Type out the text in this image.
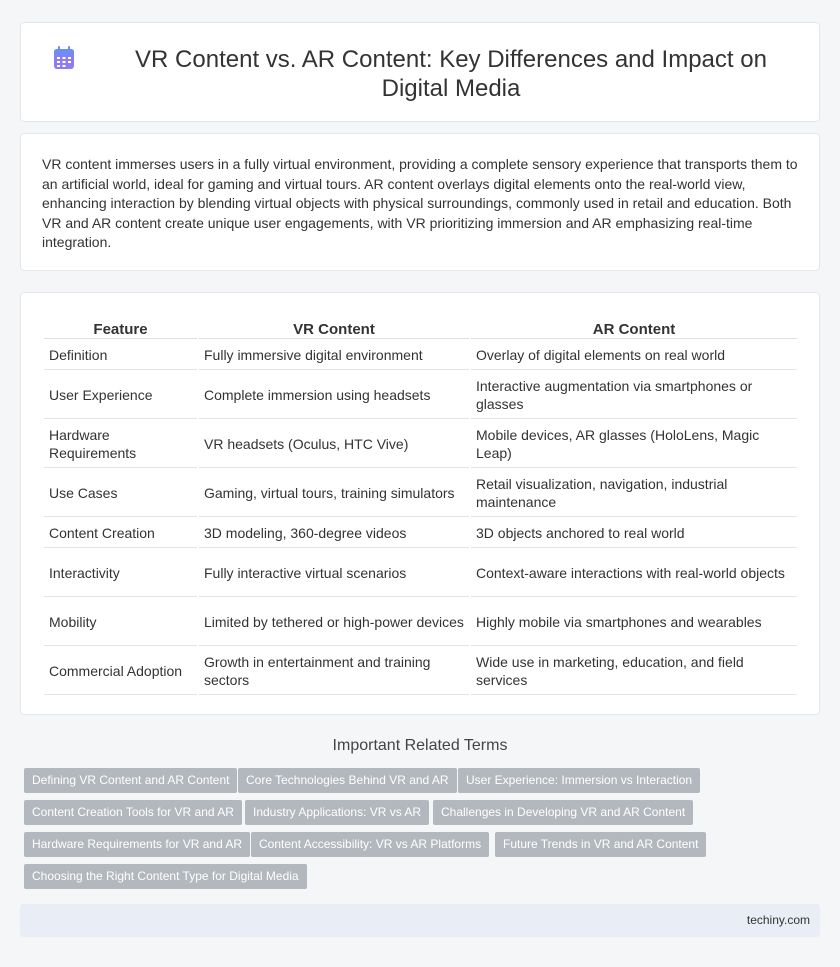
VR Content vs. AR Content: Key Differences and Impact on Digital Media

VR content immerses users in a fully virtual environment, providing a complete sensory experience that transports them to an artificial world, ideal for gaming and virtual tours. AR content overlays digital elements onto the real-world view, enhancing interaction by blending virtual objects with physical surroundings, commonly used in retail and education. Both VR and AR content create unique user engagements, with VR prioritizing immersion and AR emphasizing real-time integration.

Feature	VR Content	AR Content
Definition	Fully immersive digital environment	Overlay of digital elements on real world
User Experience	Complete immersion using headsets	Interactive augmentation via smartphones or glasses
Hardware Requirements	VR headsets (Oculus, HTC Vive)	Mobile devices, AR glasses (HoloLens, Magic Leap)
Use Cases	Gaming, virtual tours, training simulators	Retail visualization, navigation, industrial maintenance
Content Creation	3D modeling, 360-degree videos	3D objects anchored to real world
Interactivity	Fully interactive virtual scenarios	Context-aware interactions with real-world objects
Mobility	Limited by tethered or high-power devices	Highly mobile via smartphones and wearables
Commercial Adoption	Growth in entertainment and training sectors	Wide use in marketing, education, and field services
Important Related Terms
Defining VR Content and AR Content	Core Technologies Behind VR and AR	User Experience: Immersion vs Interaction
Content Creation Tools for VR and AR	Industry Applications: VR vs AR	Challenges in Developing VR and AR Content
Hardware Requirements for VR and AR	Content Accessibility: VR vs AR Platforms	Future Trends in VR and AR Content
Choosing the Right Content Type for Digital Media
techiny.com
